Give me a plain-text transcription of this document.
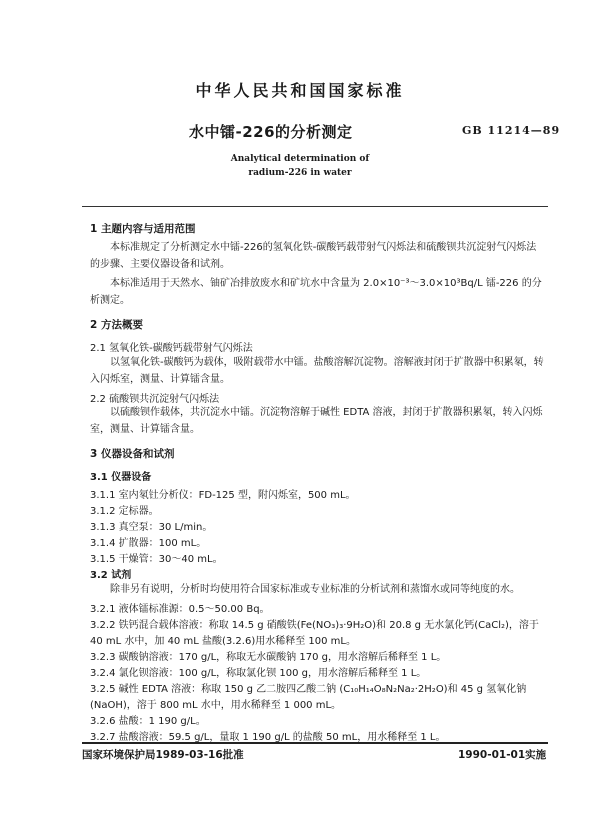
中华人民共和国国家标准
水中镭-226的分析测定	GB 11214—89
Analytical determination of
radium-226 in water
1 主题内容与适用范围
本标准规定了分析测定水中镭-226的氢氧化铁-碳酸钙载带射气闪烁法和硫酸钡共沉淀射气闪烁法的步骤、主要仪器设备和试剂。
本标准适用于天然水、铀矿冶排放废水和矿坑水中含量为 2.0×10⁻³～3.0×10³Bq/L 镭-226 的分析测定。
2 方法概要
2.1 氢氧化铁-碳酸钙载带射气闪烁法
以氢氧化铁-碳酸钙为载体，吸附载带水中镭。盐酸溶解沉淀物。溶解液封闭于扩散器中积累氡，转入闪烁室，测量、计算镭含量。
2.2 硫酸钡共沉淀射气闪烁法
以硫酸钡作载体，共沉淀水中镭。沉淀物溶解于碱性 EDTA 溶液，封闭于扩散器积累氡，转入闪烁室，测量、计算镭含量。
3 仪器设备和试剂
3.1 仪器设备
3.1.1 室内氡钍分析仪：FD-125 型，附闪烁室，500 mL。
3.1.2 定标器。
3.1.3 真空泵：30 L/min。
3.1.4 扩散器：100 mL。
3.1.5 干燥管：30～40 mL。
3.2 试剂
除非另有说明，分析时均使用符合国家标准或专业标准的分析试剂和蒸馏水或同等纯度的水。
3.2.1 液体镭标准源：0.5～50.00 Bq。
3.2.2 铁钙混合载体溶液：称取 14.5 g 硝酸铁(Fe(NO₃)₃·9H₂O)和 20.8 g 无水氯化钙(CaCl₂)，溶于
40 mL 水中，加 40 mL 盐酸(3.2.6)用水稀释至 100 mL。
3.2.3 碳酸钠溶液：170 g/L，称取无水碳酸钠 170 g，用水溶解后稀释至 1 L。
3.2.4 氯化钡溶液：100 g/L，称取氯化钡 100 g，用水溶解后稀释至 1 L。
3.2.5 碱性 EDTA 溶液：称取 150 g 乙二胺四乙酸二钠 (C₁₀H₁₄O₈N₂Na₂·2H₂O)和 45 g 氢氧化钠
(NaOH)，溶于 800 mL 水中，用水稀释至 1 000 mL。
3.2.6 盐酸：1 190 g/L。
3.2.7 盐酸溶液：59.5 g/L，量取 1 190 g/L 的盐酸 50 mL，用水稀释至 1 L。
国家环境保护局1989-03-16批准	1990-01-01实施
